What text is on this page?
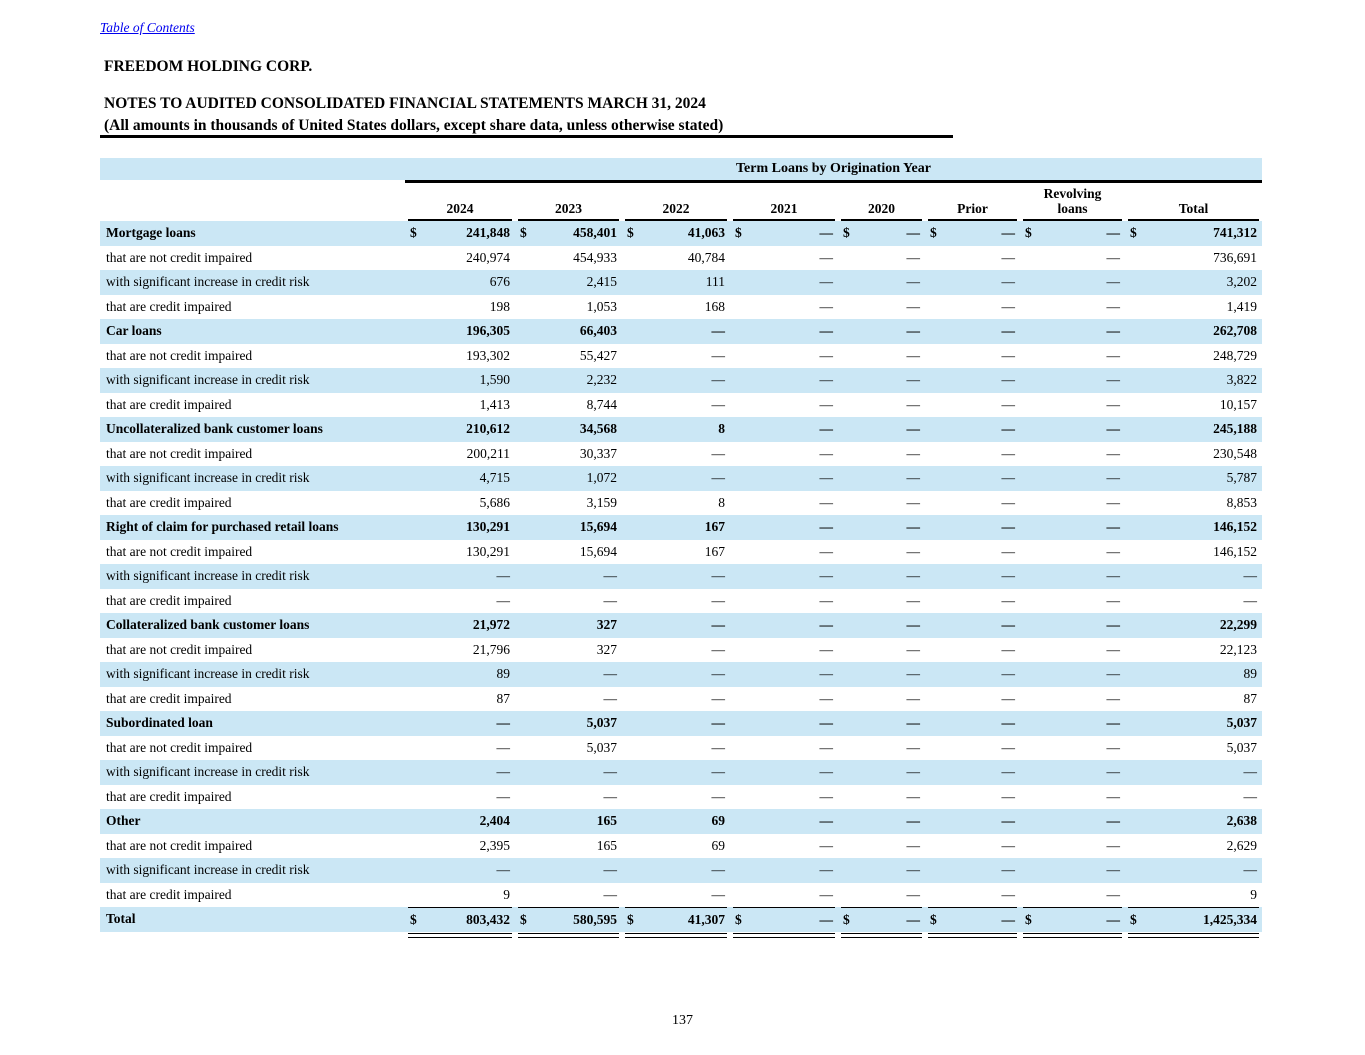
Table of Contents
FREEDOM HOLDING CORP.
NOTES TO AUDITED CONSOLIDATED FINANCIAL STATEMENTS MARCH 31, 2024
(All amounts in thousands of United States dollars, except share data, unless otherwise stated)
Term Loans by Origination Year
2024	2023	2022	2021	2020	Prior
Revolving
loans	Total
Mortgage loans	$	241,848 $	458,401 $	41,063 $	— $	— $	— $	— $	741,312
that are not credit impaired	240,974	454,933	40,784	—	—	—	—	736,691
with significant increase in credit risk	676	2,415	111	—	—	—	—	3,202
that are credit impaired	198	1,053	168	—	—	—	—	1,419
Car loans	196,305	66,403	—	—	—	—	—	262,708
that are not credit impaired	193,302	55,427	—	—	—	—	—	248,729
with significant increase in credit risk	1,590	2,232	—	—	—	—	—	3,822
that are credit impaired	1,413	8,744	—	—	—	—	—	10,157
Uncollateralized bank customer loans	210,612	34,568	8	—	—	—	—	245,188
that are not credit impaired	200,211	30,337	—	—	—	—	—	230,548
with significant increase in credit risk	4,715	1,072	—	—	—	—	—	5,787
that are credit impaired	5,686	3,159	8	—	—	—	—	8,853
Right of claim for purchased retail loans	130,291	15,694	167	—	—	—	—	146,152
that are not credit impaired	130,291	15,694	167	—	—	—	—	146,152
with significant increase in credit risk	—	—	—	—	—	—	—	—
that are credit impaired	—	—	—	—	—	—	—	—
Collateralized bank customer loans	21,972	327	—	—	—	—	—	22,299
that are not credit impaired	21,796	327	—	—	—	—	—	22,123
with significant increase in credit risk	89	—	—	—	—	—	—	89
that are credit impaired	87	—	—	—	—	—	—	87
Subordinated loan	—	5,037	—	—	—	—	—	5,037
that are not credit impaired	—	5,037	—	—	—	—	—	5,037
with significant increase in credit risk	—	—	—	—	—	—	—	—
that are credit impaired	—	—	—	—	—	—	—	—
Other	2,404	165	69	—	—	—	—	2,638
that are not credit impaired	2,395	165	69	—	—	—	—	2,629
with significant increase in credit risk	—	—	—	—	—	—	—	—
that are credit impaired	9	—	—	—	—	—	—	9
Total	$	803,432 $	580,595 $	41,307 $	— $	— $	— $	— $	1,425,334
137
